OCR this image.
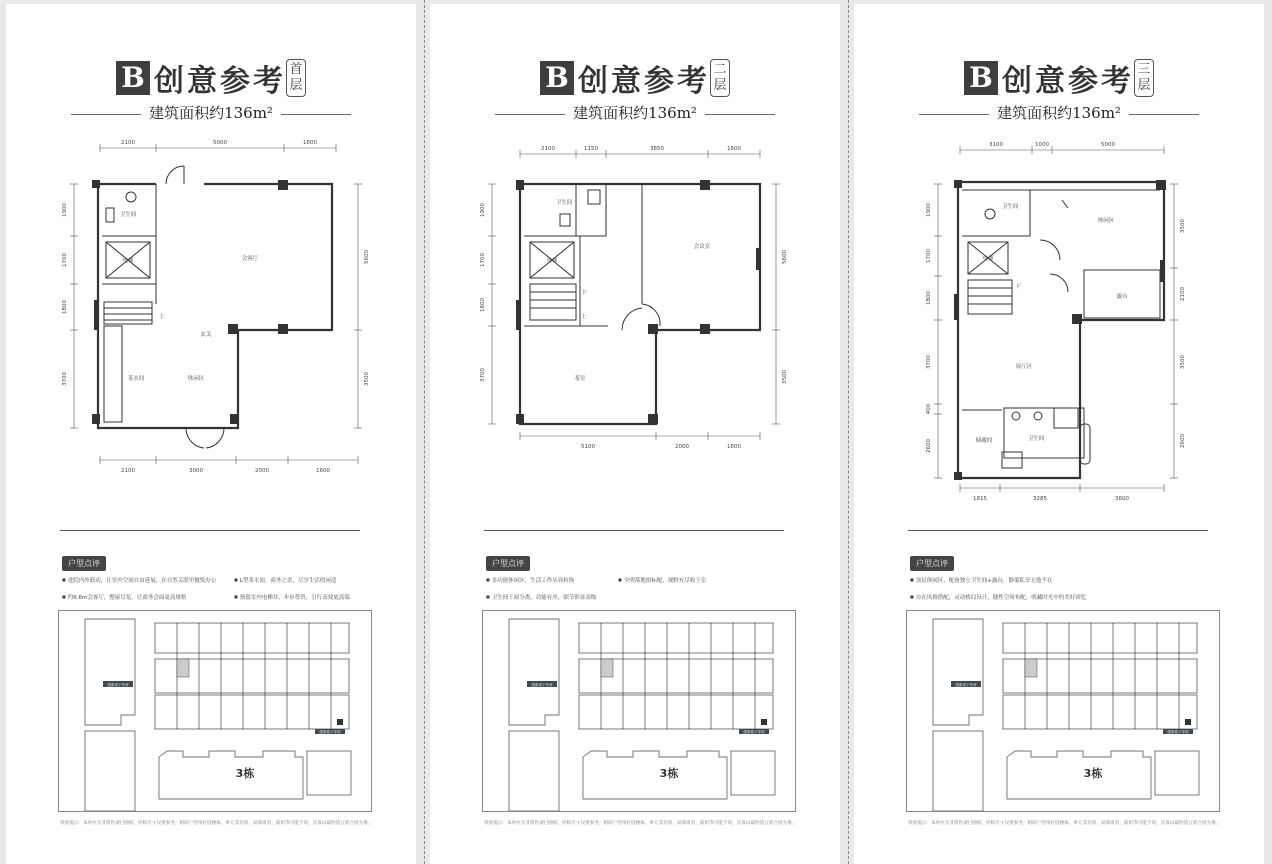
B 创意参考 首层
建筑面积约136m²
2100	5000	1600
2100	3000	2000	1600
1900
1700
1800
3700
5600
3500
卫生间
电梯	会客厅
玄关
茶水间	休闲区
上
户型点评
■ 进院内外联动，让室内空间自由延展，在自然关联里做悦办公	■ L型茶水间，商务之余，尽享生活的闲适
■ 约6.6m会客厅，整屋尽览，让商务会面更高规格	■ 预留室内电梯井，步步尊贵，引行高效更高端
建面项下车库
建筑地下车库
3栋
特别提示：本单位为非准售项目图纸，所标尺寸仅供参考，相同户型单位因楼栋、单元等差别，局部或有，面积等可能不同，具体以最终签订的合同为准。
B 创意参考 二层
建筑面积约136m²
2100	1150	3850	1600
5100	2000	1600
1900
1700
1800
3700
5600
3500
卫生间
电梯
会议室
茶室
下
上
户型点评
■ 多功能休闲区，生活工作从容转换	■ 全明落地窗标配，视野充尽收于室
■ 卫生间干湿分离，功能有序，细节彰显高级
建面项下车库
建筑地下车库
3栋
特别提示：本单位为非准售项目图纸，所标尺寸仅供参考，相同户型单位因楼栋、单元等差别，局部或有，面积等可能不同，具体以最终签订的合同为准。
B 创意参考 三层
建筑面积约136m²
3100	1000	5000
1815	3285	3600
1900
1700
1800
3700
400
2600
3500
2100
3500
2600
卫生间
电梯
休闲区
露台
展厅区
储藏间	卫生间
下
户型点评
■ 顶层休闲区，配备独立卫生间+露台，静谧私享无他不在
■ 自在风格搭配，灵动格局设计，随性空间布配，收藏时光中的美好回忆
建面项下车库
建筑地下车库
3栋
特别提示：本单位为非准售项目图纸，所标尺寸仅供参考，相同户型单位因楼栋、单元等差别，局部或有，面积等可能不同，具体以最终签订的合同为准。
